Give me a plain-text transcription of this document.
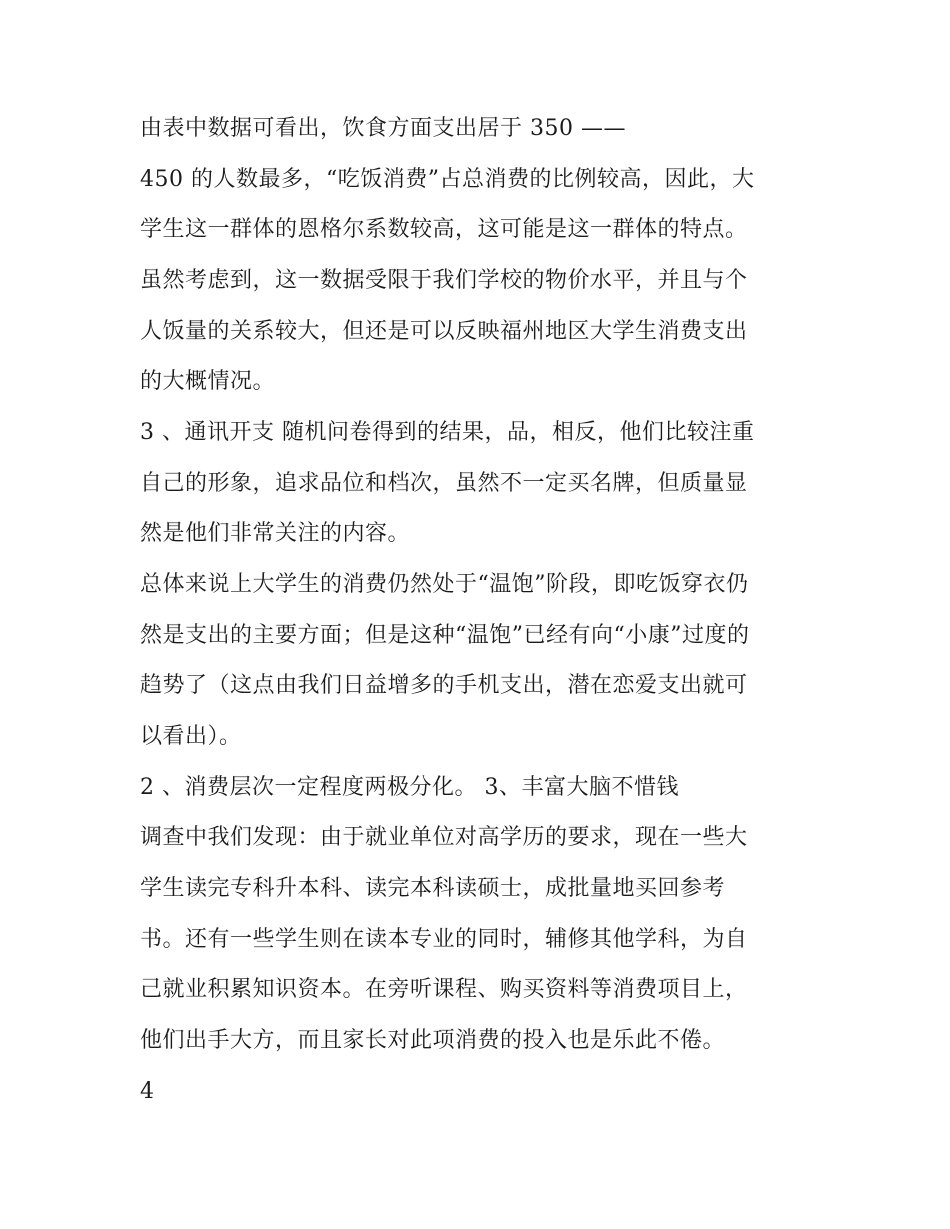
由表中数据可看出，饮食方面支出居于 350 ——

450 的人数最多，“吃饭消费”占总消费的比例较高，因此，大

学生这一群体的恩格尔系数较高，这可能是这一群体的特点。

虽然考虑到，这一数据受限于我们学校的物价水平，并且与个

人饭量的关系较大，但还是可以反映福州地区大学生消费支出

的大概情况。

3 、通讯开支 随机问卷得到的结果，品，相反，他们比较注重

自己的形象，追求品位和档次，虽然不一定买名牌，但质量显

然是他们非常关注的内容。

总体来说上大学生的消费仍然处于“温饱”阶段，即吃饭穿衣仍

然是支出的主要方面；但是这种“温饱”已经有向“小康”过度的

趋势了（这点由我们日益增多的手机支出，潜在恋爱支出就可

以看出）。

2 、消费层次一定程度两极分化。 3、丰富大脑不惜钱

调查中我们发现：由于就业单位对高学历的要求，现在一些大

学生读完专科升本科、读完本科读硕士，成批量地买回参考

书。还有一些学生则在读本专业的同时，辅修其他学科，为自

己就业积累知识资本。在旁听课程、购买资料等消费项目上，

他们出手大方，而且家长对此项消费的投入也是乐此不倦。

4
